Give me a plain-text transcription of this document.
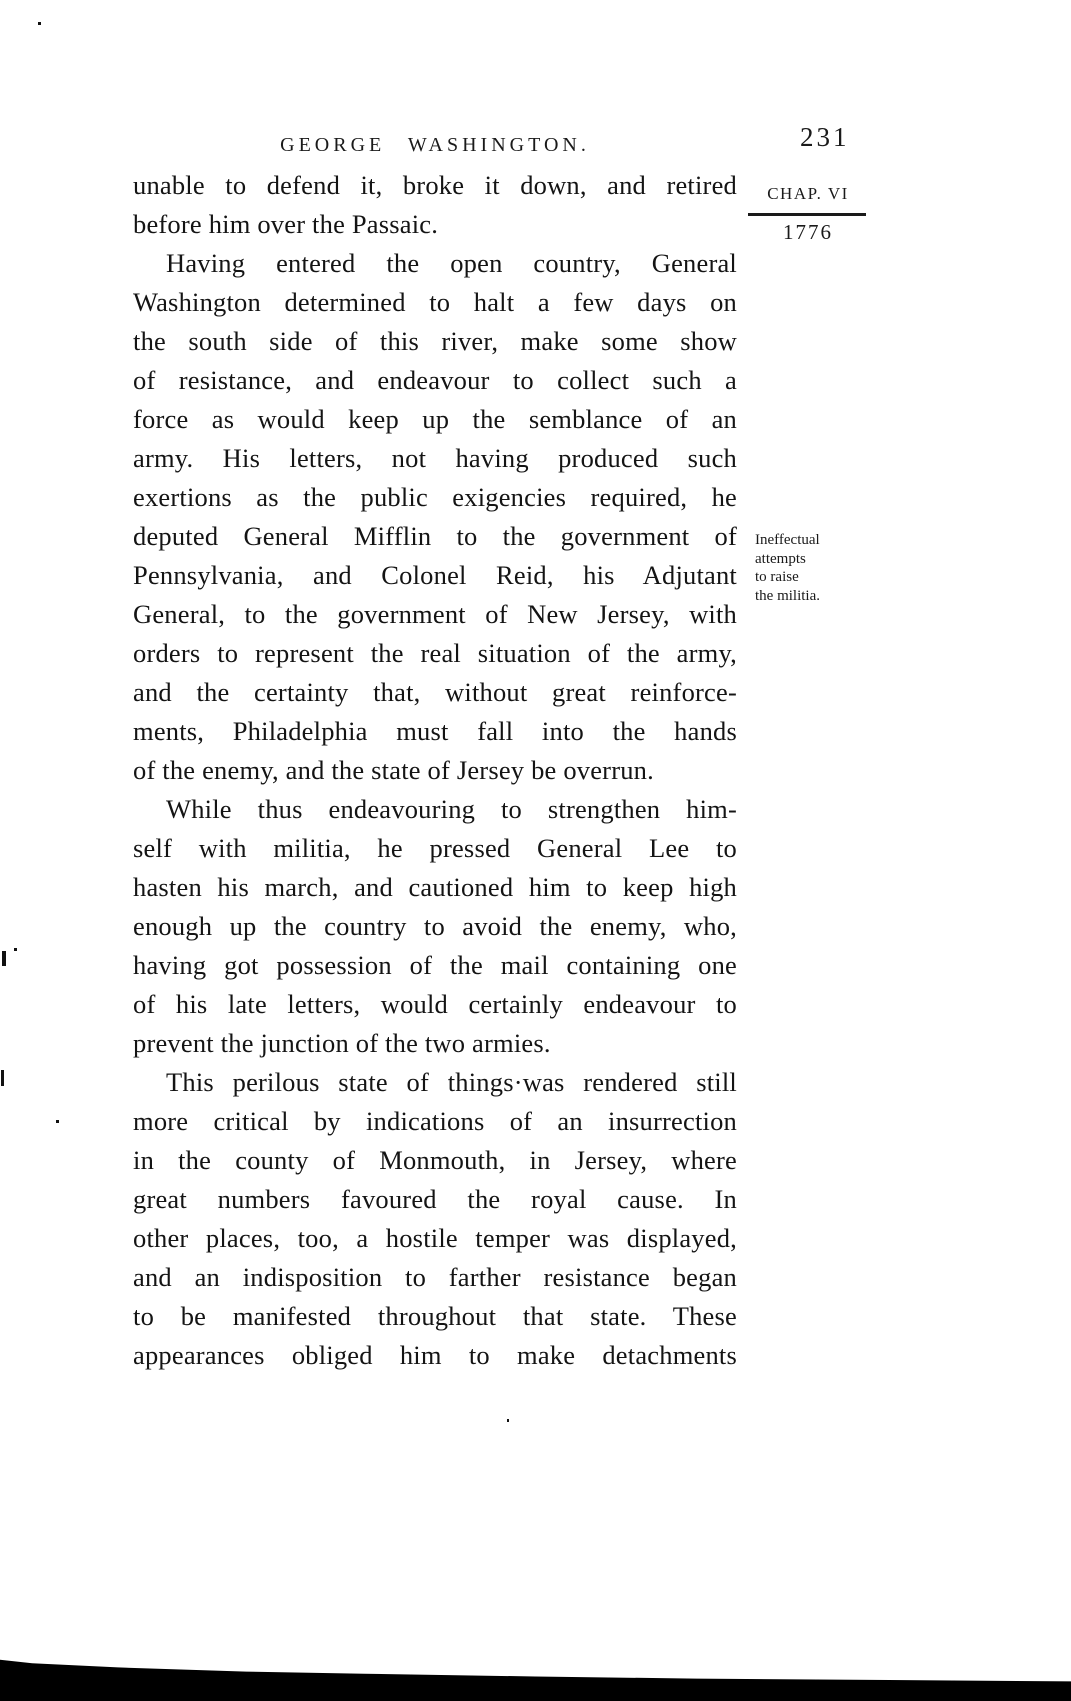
GEORGE WASHINGTON.	231
unable to defend it, broke it down, and retired
before him over the Passaic.
Having entered the open country, General
Washington determined to halt a few days on
the south side of this river, make some show
of resistance, and endeavour to collect such a
force as would keep up the semblance of an
army. His letters, not having produced such
exertions as the public exigencies required, he
deputed General Mifflin to the government of
Pennsylvania, and Colonel Reid, his Adjutant
General, to the government of New Jersey, with
orders to represent the real situation of the army,
and the certainty that, without great reinforce-
ments, Philadelphia must fall into the hands
of the enemy, and the state of Jersey be overrun.
While thus endeavouring to strengthen him-
self with militia, he pressed General Lee to
hasten his march, and cautioned him to keep high
enough up the country to avoid the enemy, who,
having got possession of the mail containing one
of his late letters, would certainly endeavour to
prevent the junction of the two armies.
This perilous state of things·was rendered still
more critical by indications of an insurrection
in the county of Monmouth, in Jersey, where
great numbers favoured the royal cause. In
other places, too, a hostile temper was displayed,
and an indisposition to farther resistance began
to be manifested throughout that state. These
appearances obliged him to make detachments
CHAP. VI
1776
Ineffectual
attempts
to raise
the militia.
